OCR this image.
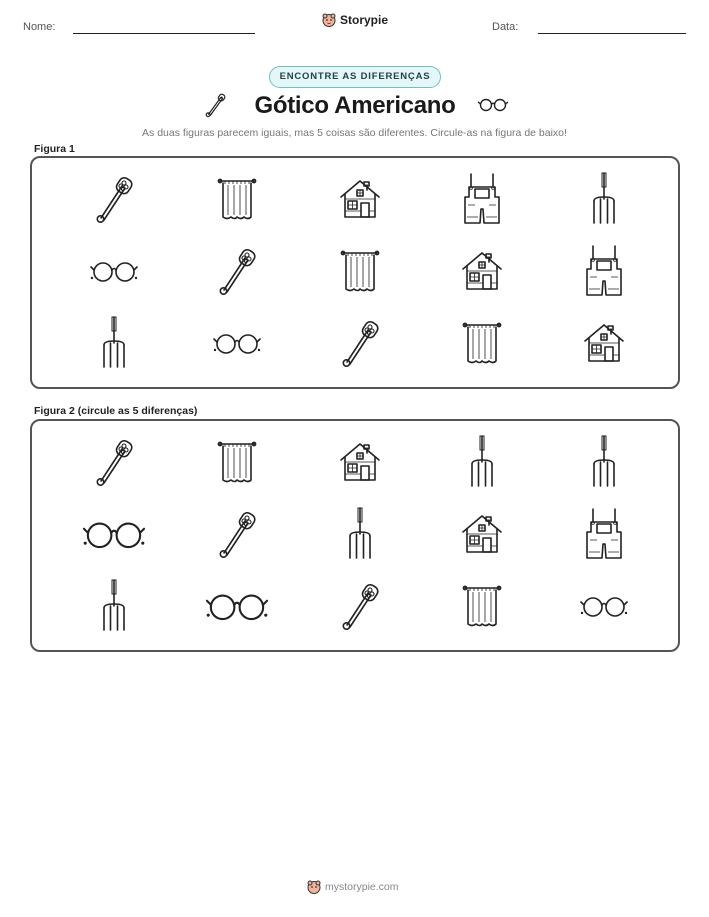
Nome:	Storypie	Data:
ENCONTRE AS DIFERENÇAS
Gótico Americano
As duas figuras parecem iguais, mas 5 coisas são diferentes. Circule-as na figura de baixo!
Figura 1
Figura 2 (circule as 5 diferenças)
mystorypie.com
